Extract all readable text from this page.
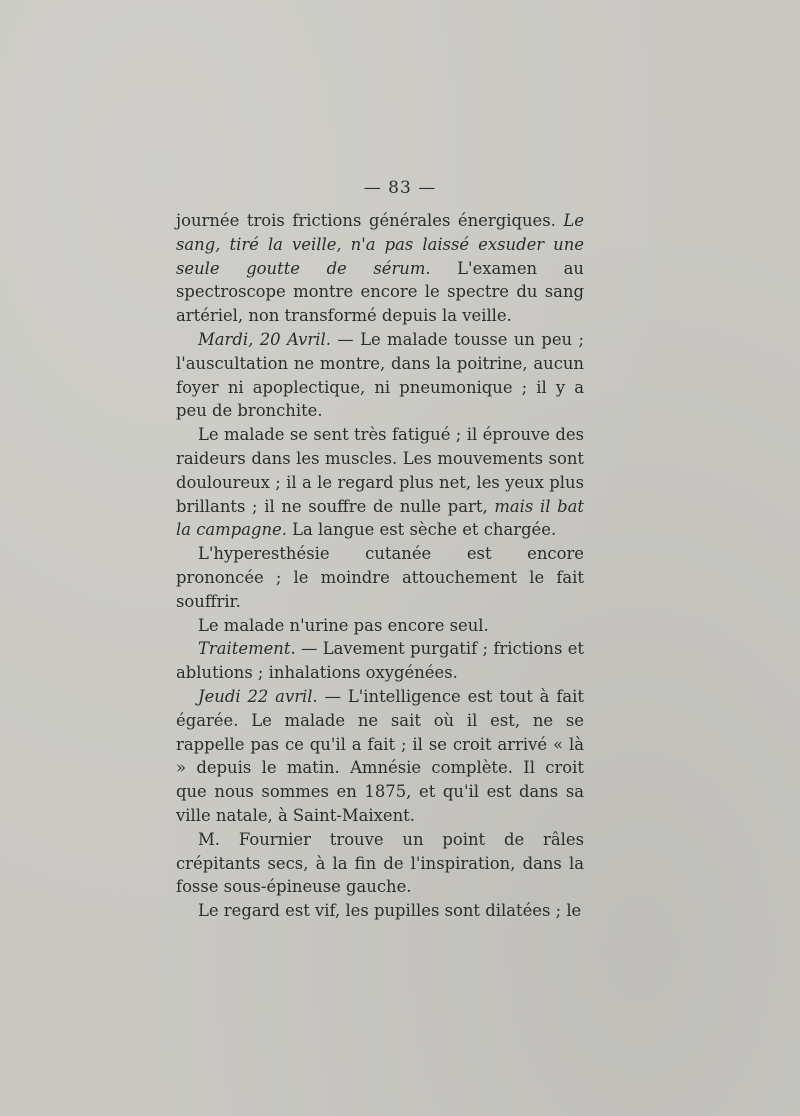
— 83 —

journée trois frictions générales énergiques. Le sang, tiré la veille, n'a pas laissé exsuder une seule goutte de sérum. L'examen au spectroscope montre encore le spectre du sang artériel, non transformé depuis la veille.

Mardi, 20 Avril. — Le malade tousse un peu ; l'auscultation ne montre, dans la poitrine, aucun foyer ni apoplectique, ni pneumonique ; il y a peu de bronchite.

Le malade se sent très fatigué ; il éprouve des raideurs dans les muscles. Les mouvements sont douloureux ; il a le regard plus net, les yeux plus brillants ; il ne souffre de nulle part, mais il bat la campagne. La langue est sèche et chargée.

L'hyperesthésie cutanée est encore prononcée ; le moindre attouchement le fait souffrir.

Le malade n'urine pas encore seul.

Traitement. — Lavement purgatif ; frictions et ablutions ; inhalations oxygénées.

Jeudi 22 avril. — L'intelligence est tout à fait égarée. Le malade ne sait où il est, ne se rappelle pas ce qu'il a fait ; il se croit arrivé « là » depuis le matin. Amnésie complète. Il croit que nous sommes en 1875, et qu'il est dans sa ville natale, à Saint-Maixent.

M. Fournier trouve un point de râles crépitants secs, à la fin de l'inspiration, dans la fosse sous-épineuse gauche.

Le regard est vif, les pupilles sont dilatées ; le
